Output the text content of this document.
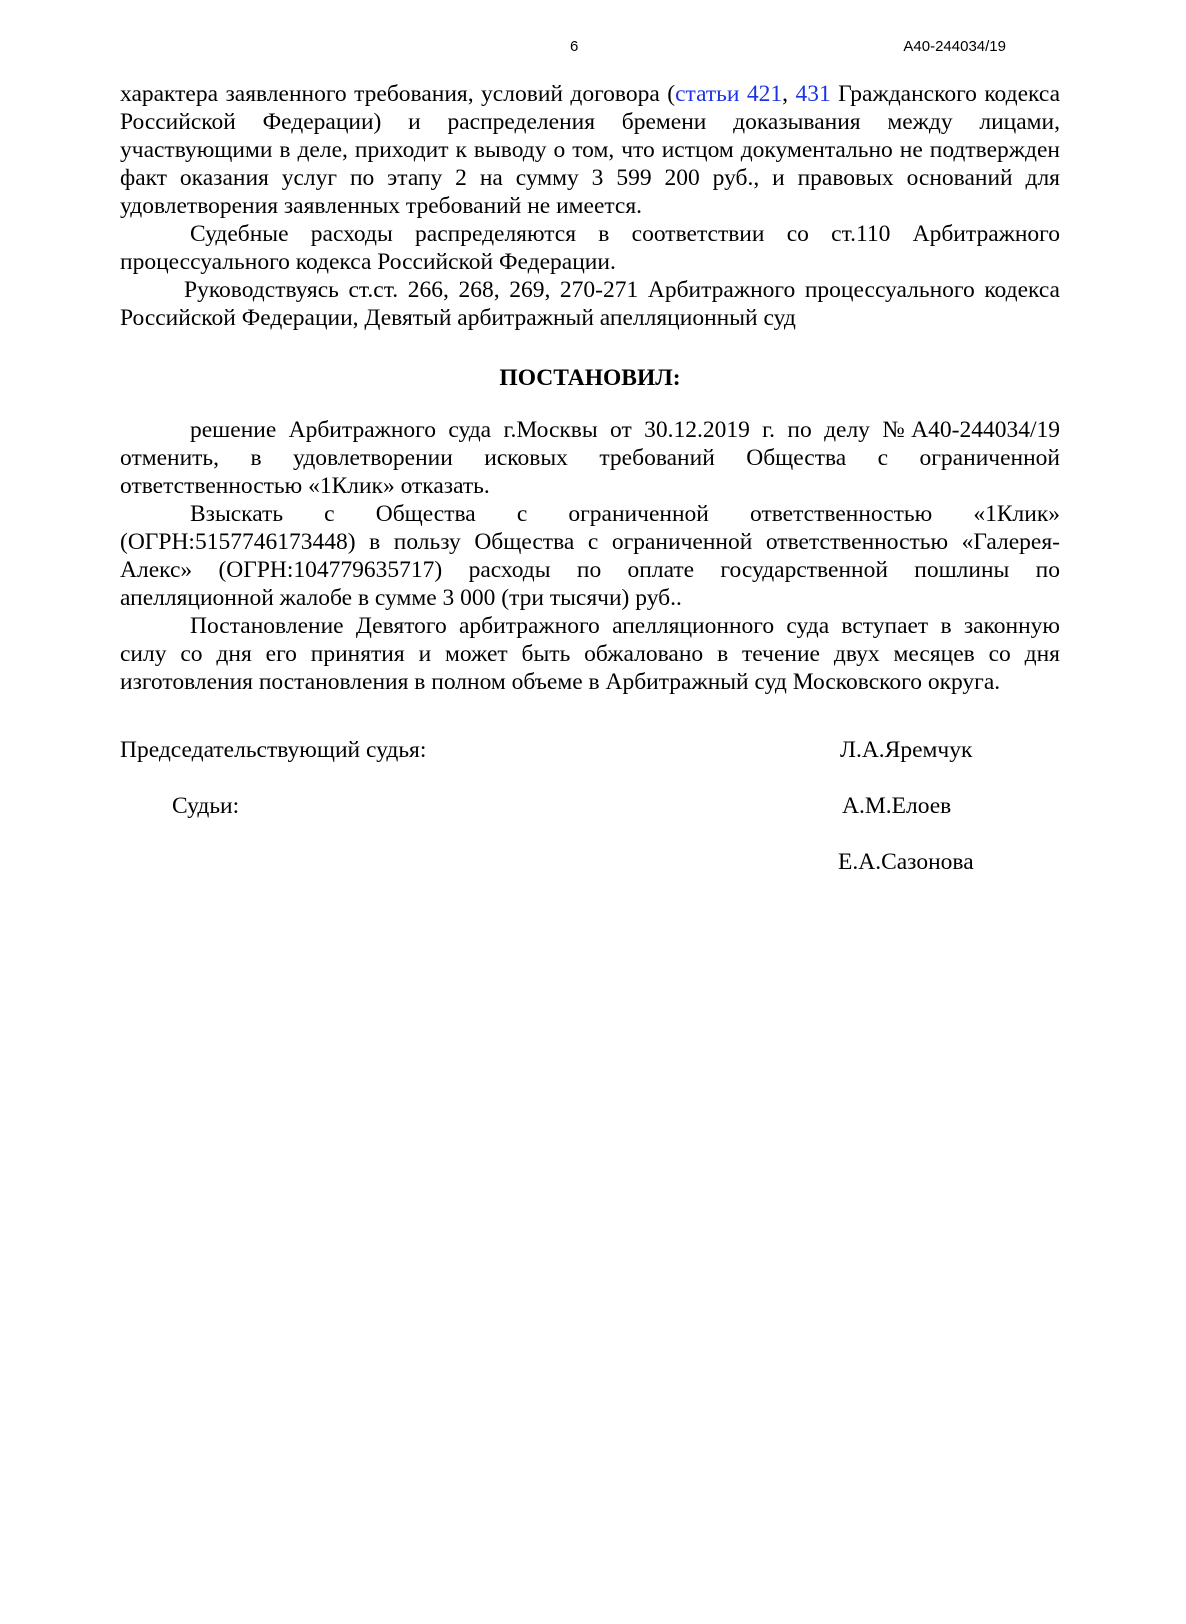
6	А40-244034/19

характера заявленного требования, условий договора (статьи 421, 431 Гражданского кодекса Российской Федерации) и распределения бремени доказывания между лицами, участвующими в деле, приходит к выводу о том, что истцом документально не подтвержден факт оказания услуг по этапу 2 на сумму 3 599 200 руб., и правовых оснований для удовлетворения заявленных требований не имеется.

Судебные расходы распределяются в соответствии со ст.110 Арбитражного процессуального кодекса Российской Федерации.

Руководствуясь ст.ст. 266, 268, 269, 270-271 Арбитражного процессуального кодекса Российской Федерации, Девятый арбитражный апелляционный суд

ПОСТАНОВИЛ:

решение Арбитражного суда г.Москвы от 30.12.2019 г. по делу №А40-244034/19 отменить, в удовлетворении исковых требований Общества с ограниченной ответственностью «1Клик» отказать.

Взыскать с Общества с ограниченной ответственностью «1Клик» (ОГРН:5157746173448) в пользу Общества с ограниченной ответственностью «Галерея-Алекс» (ОГРН:104779635717) расходы по оплате государственной пошлины по апелляционной жалобе в сумме 3 000 (три тысячи) руб..

Постановление Девятого арбитражного апелляционного суда вступает в законную силу со дня его принятия и может быть обжаловано в течение двух месяцев со дня изготовления постановления в полном объеме в Арбитражный суд Московского округа.

Председательствующий судья:	Л.А.Яремчук
Судьи:	А.М.Елоев
Е.А.Сазонова
